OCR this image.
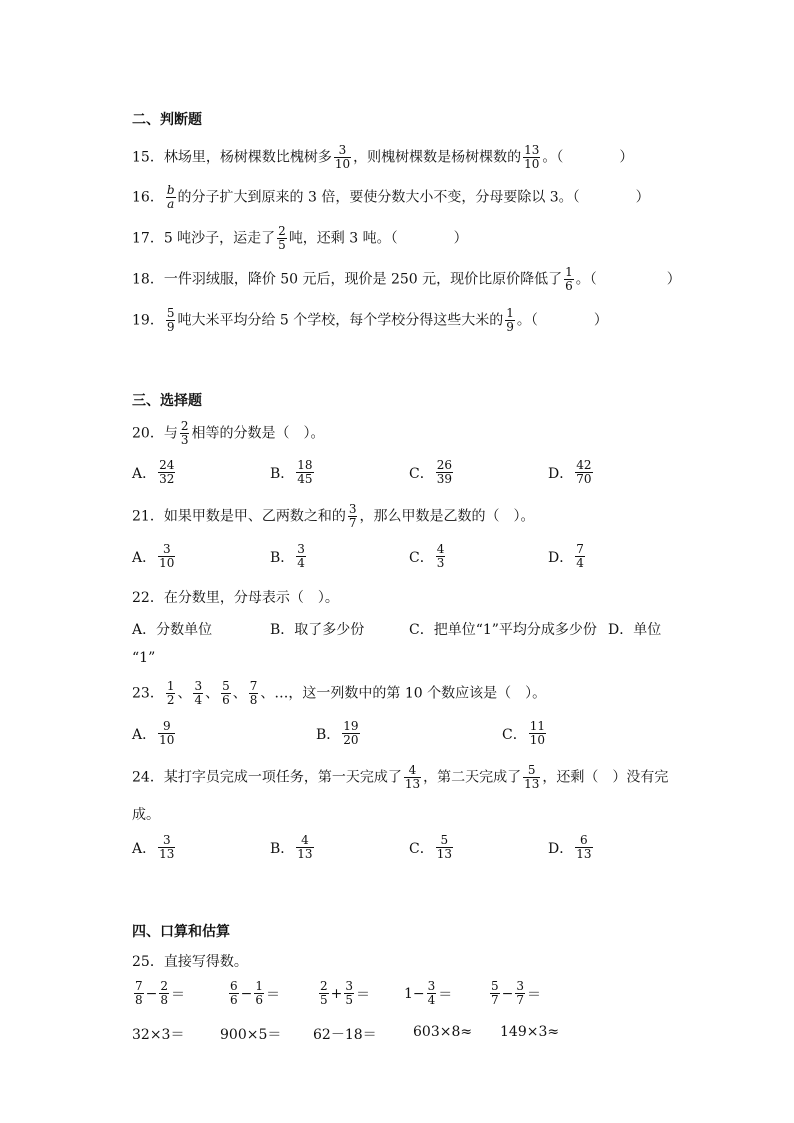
二、判断题
15．林场里，杨树棵数比槐树多 $\frac{3}{10}$ ，则槐树棵数是杨树棵数的 $\frac{13}{10}$ 。（　　　　）
16． $\frac{b}{a}$ 的分子扩大到原来的 3 倍，要使分数大小不变，分母要除以 3。（　　　　）
17．5 吨沙子，运走了 $\frac{2}{5}$ 吨，还剩 3 吨。（　　　　）
18．一件羽绒服，降价 50 元后，现价是 250 元，现价比原价降低了 $\frac{1}{6}$ 。（　　　　　）
19． $\frac{5}{9}$ 吨大米平均分给 5 个学校，每个学校分得这些大米的 $\frac{1}{9}$ 。（　　　　）
三、选择题
20．与 $\frac{2}{3}$ 相等的分数是（　）。
A． $\frac{24}{32}$	B． $\frac{18}{45}$	C． $\frac{26}{39}$	D． $\frac{42}{70}$
21．如果甲数是甲、乙两数之和的 $\frac{3}{7}$ ，那么甲数是乙数的（　）。
A． $\frac{3}{10}$	B． $\frac{3}{4}$	C． $\frac{4}{3}$	D． $\frac{7}{4}$
22．在分数里，分母表示（　）。
A．分数单位	B．取了多少份	C．把单位“1”平均分成多少份 D．单位
“1”
23． $\frac{1}{2}$ 、 $\frac{3}{4}$ 、 $\frac{5}{6}$ 、 $\frac{7}{8}$ 、…，这一列数中的第 10 个数应该是（　）。
A． $\frac{9}{10}$	B． $\frac{19}{20}$	C． $\frac{11}{10}$
24．某打字员完成一项任务，第一天完成了 $\frac{4}{13}$ ，第二天完成了 $\frac{5}{13}$ ，还剩（　）没有完
成。
A． $\frac{3}{13}$	B． $\frac{4}{13}$	C． $\frac{5}{13}$	D． $\frac{6}{13}$
四、口算和估算
25．直接写得数。
$\frac{7}{8} - \frac{2}{8}$ ＝	$\frac{6}{6} - \frac{1}{6}$ ＝	$\frac{2}{5} + \frac{3}{5} = 1- \frac{3}{4}$ ＝	$\frac{5}{7} - \frac{3}{7}$ ＝
32×3＝	900×5＝ 62－18＝	603×8≈ 149×3≈
